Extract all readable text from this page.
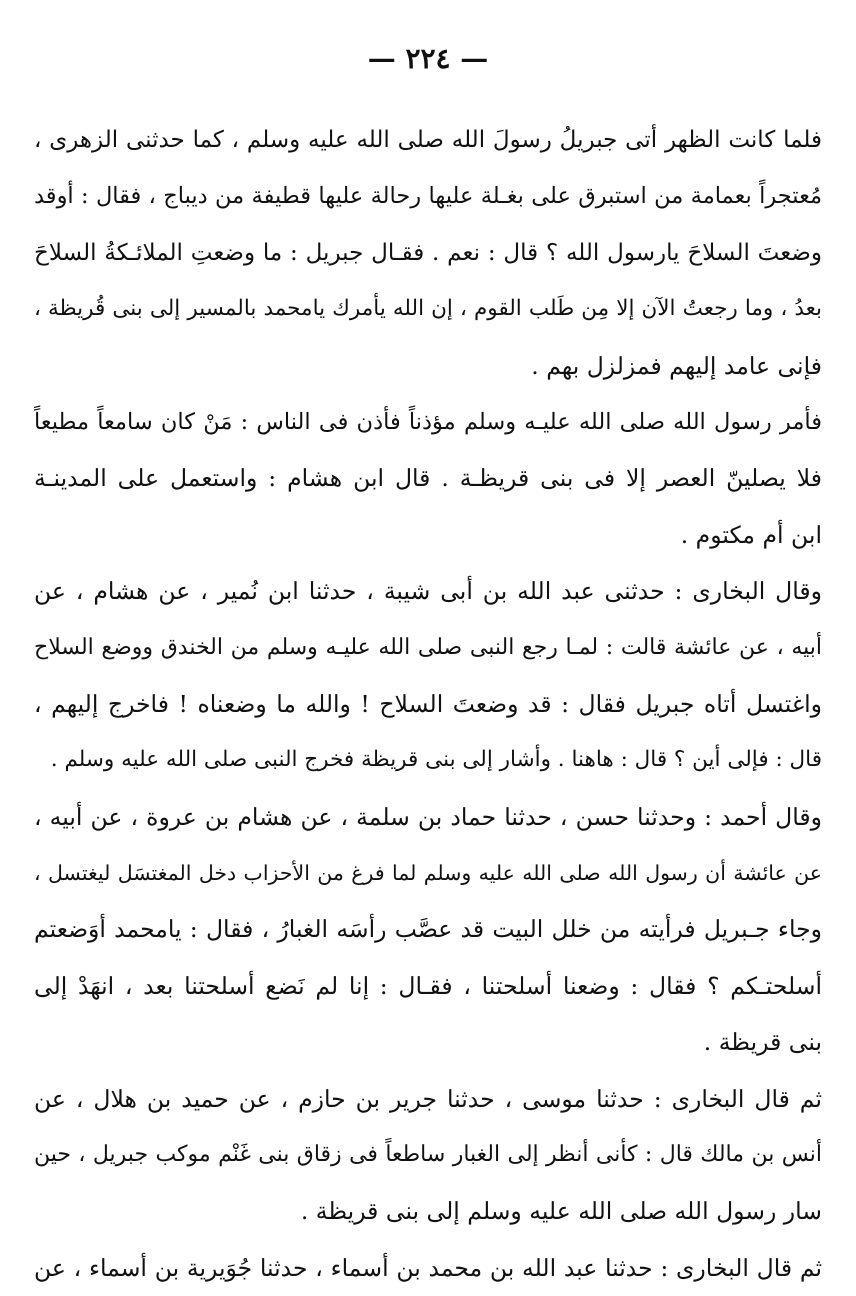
— ٢٢٤ —
فلما كانت الظهر أتى جبريلُ رسولَ الله صلى الله عليه وسلم ، كما حدثنى الزهرى ،
مُعتجراً بعمامة من استبرق على بغـلة عليها رحالة عليها قطيفة من ديباج ، فقال : أوقد
وضعتَ السلاحَ يارسول الله ؟ قال : نعم . فقـال جبريل : ما وضعتِ الملائـكةُ السلاحَ
بعدُ ، وما رجعتُ الآن إلا مِن طَلب القوم ، إن الله يأمرك يامحمد بالمسير إلى بنى قُريظة ،
فإنى عامد إليهم فمزلزل بهم .
فأمر رسول الله صلى الله عليـه وسلم مؤذناً فأذن فى الناس : مَنْ كان سامعاً مطيعاً
فلا يصلينّ العصر إلا فى بنى قريظـة . قال ابن هشام : واستعمل على المدينـة
ابن أم مكتوم .
وقال البخارى : حدثنى عبد الله بن أبى شيبة ، حدثنا ابن نُمير ، عن هشام ، عن
أبيه ، عن عائشة قالت : لمـا رجع النبى صلى الله عليـه وسلم من الخندق ووضع السلاح
واغتسل أتاه جبريل فقال : قد وضعتَ السلاح ! والله ما وضعناه ! فاخرج إليهم ،
قال : فإلى أين ؟ قال : هاهنا . وأشار إلى بنى قريظة فخرج النبى صلى الله عليه وسلم .
وقال أحمد : وحدثنا حسن ، حدثنا حماد بن سلمة ، عن هشام بن عروة ، عن أبيه ،
عن عائشة أن رسول الله صلى الله عليه وسلم لما فرغ من الأحزاب دخل المغتسَل ليغتسل ،
وجاء جـبريل فرأيته من خلل البيت قد عصَّب رأسَه الغبارُ ، فقال : يامحمد أوَضعتم
أسلحتـكم ؟ فقال : وضعنا أسلحتنا ، فقـال : إنا لم نَضع أسلحتنا بعد ، انهَدْ إلى
بنى قريظة .
ثم قال البخارى : حدثنا موسى ، حدثنا جرير بن حازم ، عن حميد بن هلال ، عن
أنس بن مالك قال : كأنى أنظر إلى الغبار ساطعاً فى زقاق بنى غَنْم موكب جبريل ، حين
سار رسول الله صلى الله عليه وسلم إلى بنى قريظة .
ثم قال البخارى : حدثنا عبد الله بن محمد بن أسماء ، حدثنا جُوَيرية بن أسماء ، عن
